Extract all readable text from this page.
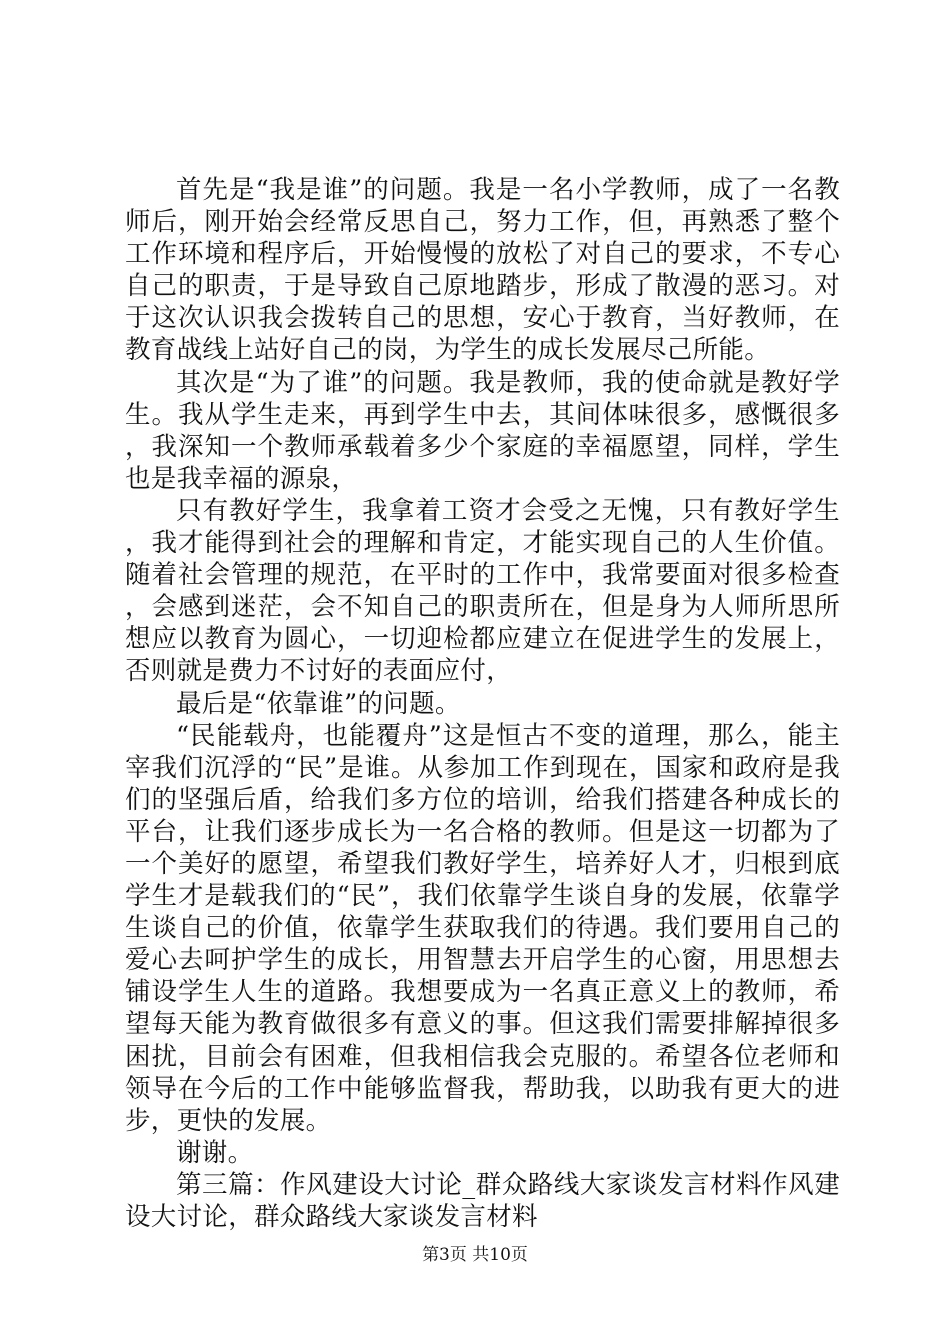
首先是“我是谁”的问题。我是一名小学教师，成了一名教师后，刚开始会经常反思自己，努力工作，但，再熟悉了整个工作环境和程序后，开始慢慢的放松了对自己的要求，不专心自己的职责，于是导致自己原地踏步，形成了散漫的恶习。对于这次认识我会拨转自己的思想，安心于教育，当好教师，在教育战线上站好自己的岗，为学生的成长发展尽己所能。

其次是“为了谁”的问题。我是教师，我的使命就是教好学生。我从学生走来，再到学生中去，其间体味很多，感慨很多，我深知一个教师承载着多少个家庭的幸福愿望，同样，学生也是我幸福的源泉，

只有教好学生，我拿着工资才会受之无愧，只有教好学生，我才能得到社会的理解和肯定，才能实现自己的人生价值。随着社会管理的规范，在平时的工作中，我常要面对很多检查，会感到迷茫，会不知自己的职责所在，但是身为人师所思所想应以教育为圆心，一切迎检都应建立在促进学生的发展上，否则就是费力不讨好的表面应付，

最后是“依靠谁”的问题。

“民能载舟，也能覆舟”这是恒古不变的道理，那么，能主宰我们沉浮的“民”是谁。从参加工作到现在，国家和政府是我们的坚强后盾，给我们多方位的培训，给我们搭建各种成长的平台，让我们逐步成长为一名合格的教师。但是这一切都为了一个美好的愿望，希望我们教好学生，培养好人才，归根到底学生才是载我们的“民”，我们依靠学生谈自身的发展，依靠学生谈自己的价值，依靠学生获取我们的待遇。我们要用自己的爱心去呵护学生的成长，用智慧去开启学生的心窗，用思想去铺设学生人生的道路。我想要成为一名真正意义上的教师，希望每天能为教育做很多有意义的事。但这我们需要排解掉很多困扰，目前会有困难，但我相信我会克服的。希望各位老师和领导在今后的工作中能够监督我，帮助我，以助我有更大的进步，更快的发展。

谢谢。

第三篇：作风建设大讨论_群众路线大家谈发言材料作风建设大讨论，群众路线大家谈发言材料

第3页 共10页
